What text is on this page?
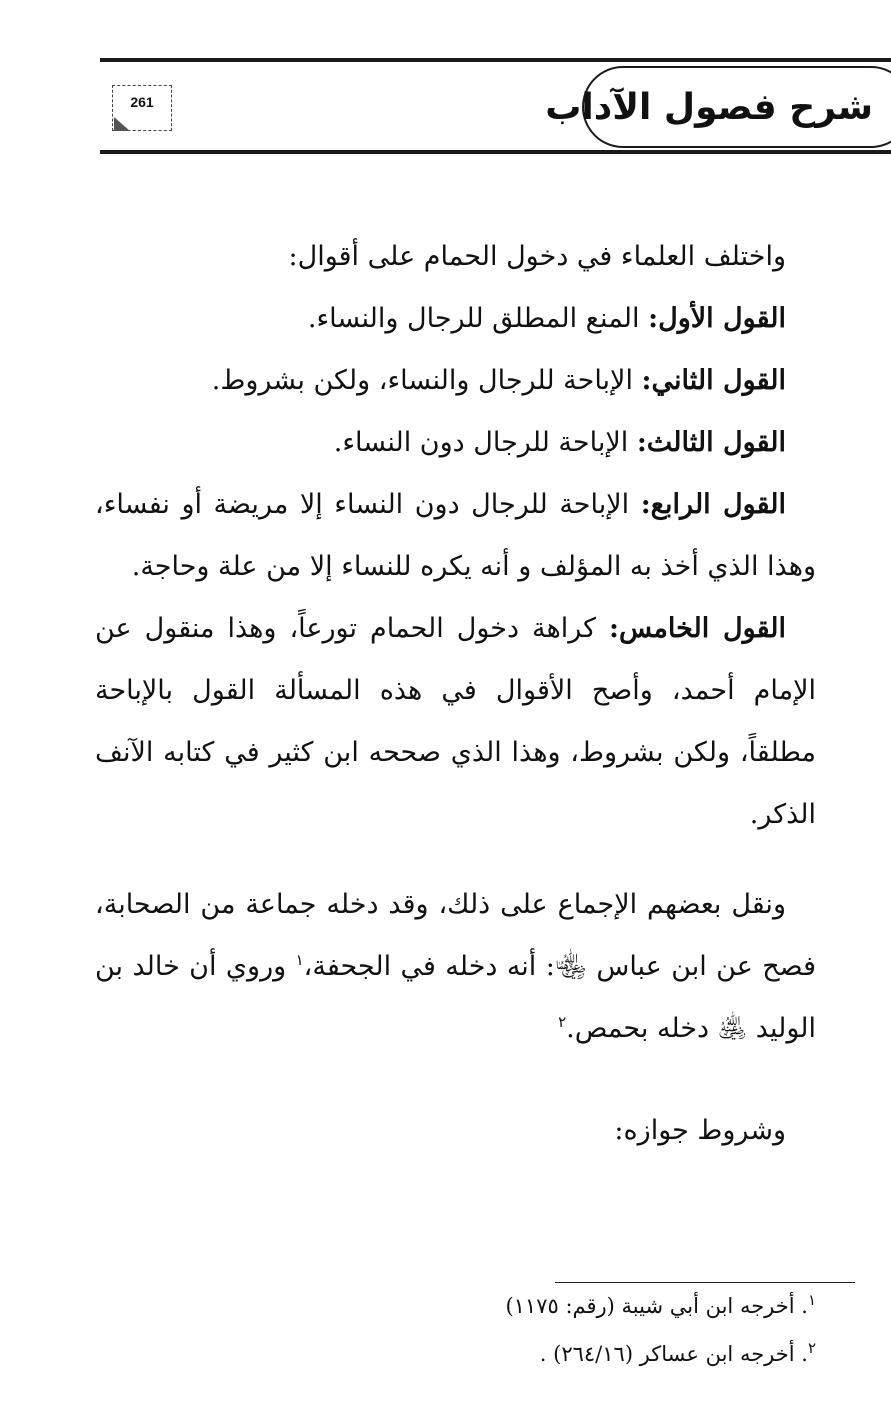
شرح فصول الآداب
261

واختلف العلماء في دخول الحمام على أقوال:

القول الأول: المنع المطلق للرجال والنساء.

القول الثاني: الإباحة للرجال والنساء، ولكن بشروط.

القول الثالث: الإباحة للرجال دون النساء.

القول الرابع: الإباحة للرجال دون النساء إلا مريضة أو نفساء، وهذا الذي أخذ به المؤلف و أنه يكره للنساء إلا من علة وحاجة.

القول الخامس: كراهة دخول الحمام تورعاً، وهذا منقول عن الإمام أحمد، وأصح الأقوال في هذه المسألة القول بالإباحة مطلقاً، ولكن بشروط، وهذا الذي صححه ابن كثير في كتابه الآنف الذكر.

ونقل بعضهم الإجماع على ذلك، وقد دخله جماعة من الصحابة، فصح عن ابن عباس ﵄: أنه دخله في الجحفة،$^١$ وروي أن خالد بن الوليد ﵁ دخله بحمص.$^٢$

وشروط جوازه:

$^١$. أخرجه ابن أبي شيبة (رقم: ١١٧٥)

$^٢$. أخرجه ابن عساكر (٢٦٤/١٦) .
